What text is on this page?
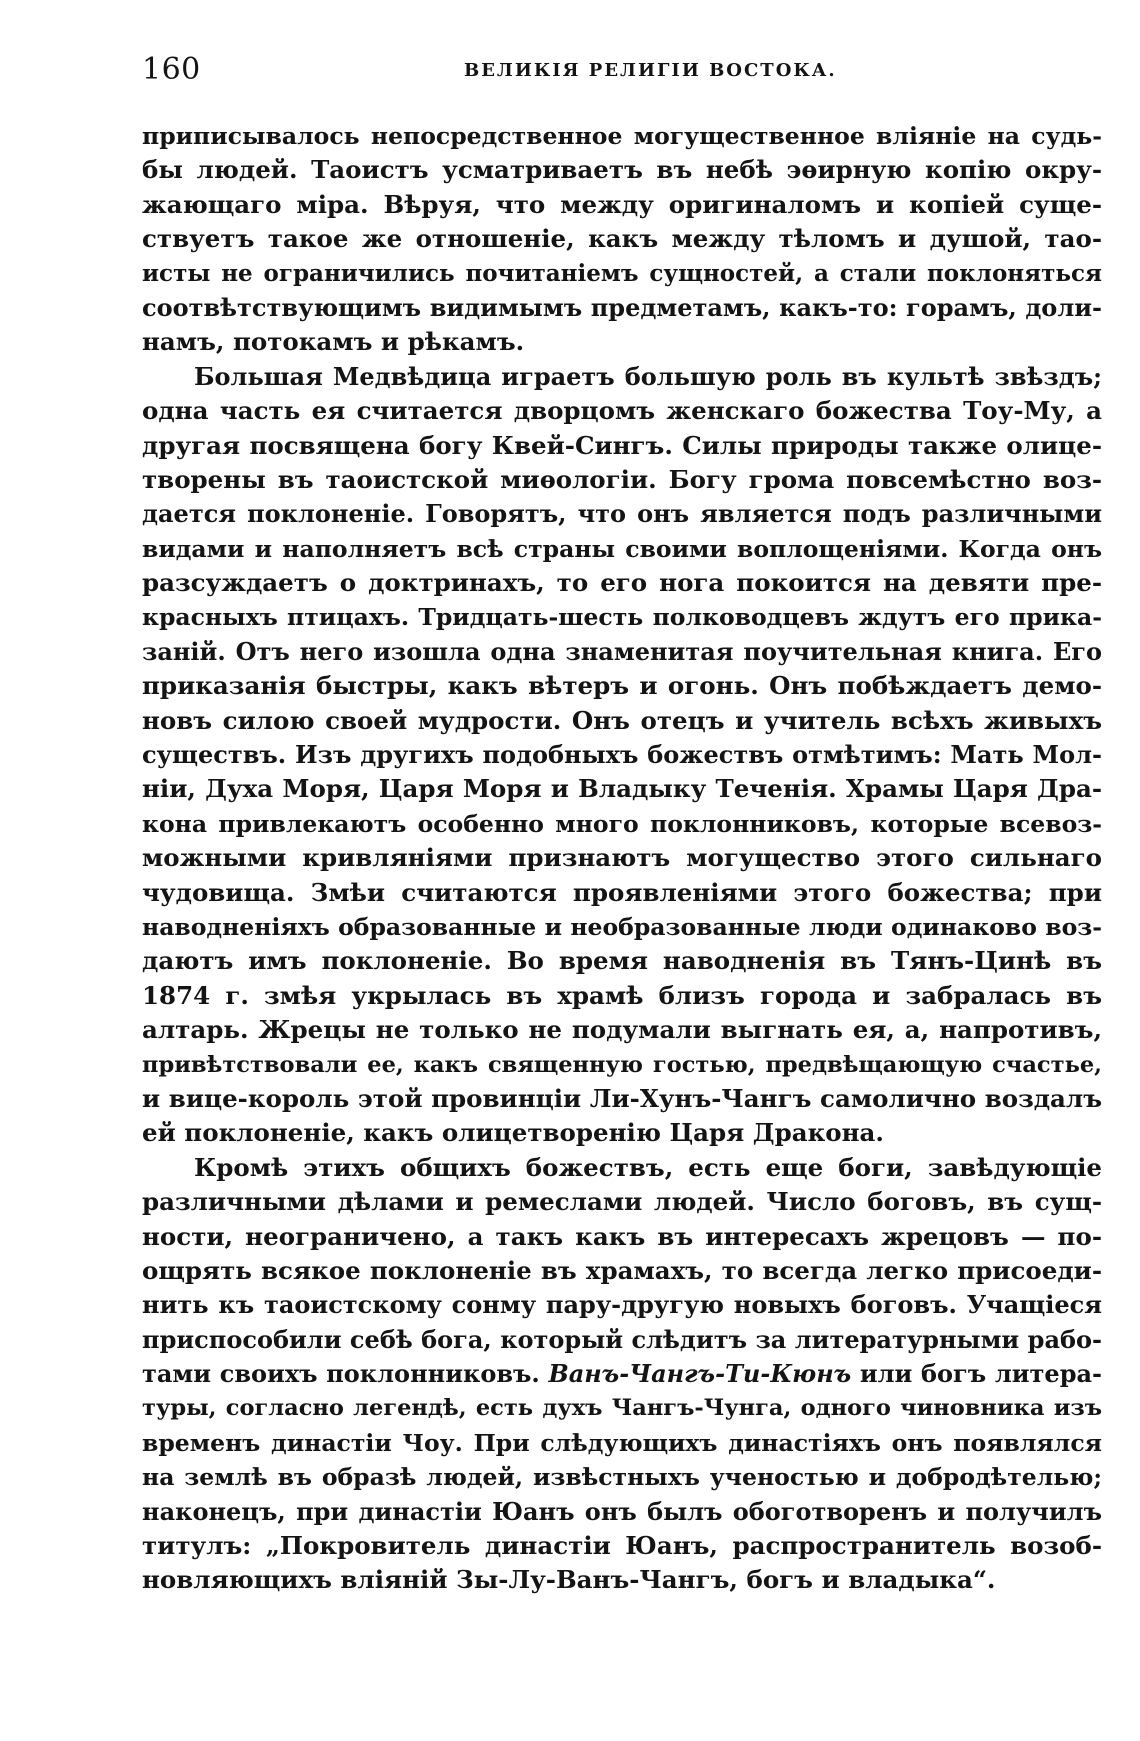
160	ВЕЛИКІЯ РЕЛИГІИ ВОСТОКА.
приписывалось непосредственное могущественное вліяніе на судь-
бы людей. Таоистъ усматриваетъ въ небѣ эѳирную копію окру-
жающаго міра. Вѣруя, что между оригиналомъ и копіей суще-
ствуетъ такое же отношеніе, какъ между тѣломъ и душой, тао-
исты не ограничились почитаніемъ сущностей, а стали поклоняться
соотвѣтствующимъ видимымъ предметамъ, какъ-то: горамъ, доли-
намъ, потокамъ и рѣкамъ.
Большая Медвѣдица играетъ большую роль въ культѣ звѣздъ;
одна часть ея считается дворцомъ женскаго божества Тоу-Му, а
другая посвящена богу Квей-Сингъ. Силы природы также олицe-
творены въ таоистской миѳологіи. Богу грома повсемѣстно воз-
дается поклоненіе. Говорятъ, что онъ является подъ различными
видами и наполняетъ всѣ страны своими воплощеніями. Когда онъ
разсуждаетъ о доктринахъ, то его нога покоится на девяти пре-
красныхъ птицахъ. Тридцать-шесть полководцевъ ждутъ его прика-
заній. Отъ него изошла одна знаменитая поучительная книга. Его
приказанія быстры, какъ вѣтеръ и огонь. Онъ побѣждаетъ демо-
новъ силою своей мудрости. Онъ отецъ и учитель всѣхъ живыхъ
существъ. Изъ другихъ подобныхъ божествъ отмѣтимъ: Мать Мол-
ніи, Духа Моря, Царя Моря и Владыку Теченія. Храмы Царя Дра-
кона привлекаютъ особенно много поклонниковъ, которые всевоз-
можными кривляніями признаютъ могущество этого сильнаго
чудовища. Змѣи считаются проявленіями этого божества; при
наводненіяхъ образованные и необразованные люди одинаково воз-
даютъ имъ поклоненіе. Во время наводненія въ Тянъ-Цинѣ въ
1874 г. змѣя укрылась въ храмѣ близъ города и забралась въ
алтарь. Жрецы не только не подумали выгнать ея, а, напротивъ,
привѣтствовали ее, какъ священную гостью, предвѣщающую счастье,
и вице-король этой провинціи Ли-Хунъ-Чангъ самолично воздалъ
ей поклоненіе, какъ олицетворенію Царя Дракона.
Кромѣ этихъ общихъ божествъ, есть еще боги, завѣдующіе
различными дѣлами и ремеслами людей. Число боговъ, въ сущ-
ности, неограничено, а такъ какъ въ интересахъ жрецовъ — по-
ощрять всякое поклоненіе въ храмахъ, то всегда легко присоеди-
нить къ таоистскому сонму пару-другую новыхъ боговъ. Учащіеся
приспособили себѣ бога, который слѣдитъ за литературными рабо-
тами своихъ поклонниковъ. Ванъ-Чангъ-Ти-Кюнъ или богъ литера-
туры, согласно легендѣ, есть духъ Чангъ-Чунга, одного чиновника изъ
временъ династіи Чоу. При слѣдующихъ династіяхъ онъ появлялся
на землѣ въ образѣ людей, извѣстныхъ ученостью и добродѣтелью;
наконецъ, при династіи Юанъ онъ былъ обоготворенъ и получилъ
титулъ: „Покровитель династіи Юанъ, распространитель возоб-
новляющихъ вліяній Зы-Лу-Ванъ-Чангъ, богъ и владыка“.
